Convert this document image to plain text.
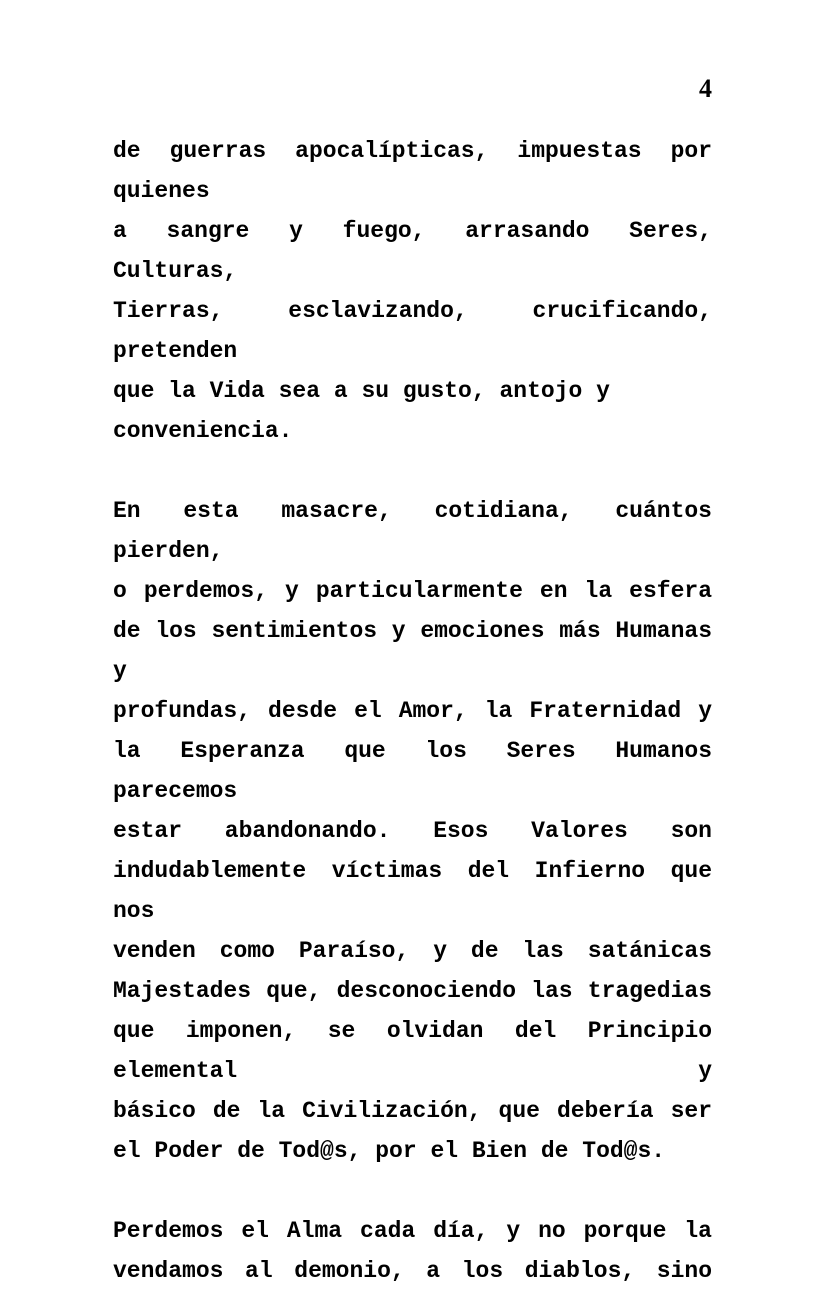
4

de guerras apocalípticas, impuestas por quienes
a sangre y fuego, arrasando Seres, Culturas,
Tierras, esclavizando, crucificando, pretenden
que la Vida sea a su gusto, antojo y conveniencia.

En esta masacre, cotidiana, cuántos pierden,
o perdemos, y particularmente en la esfera
de los sentimientos y emociones más Humanas y
profundas, desde el Amor, la Fraternidad y
la Esperanza que los Seres Humanos parecemos
estar abandonando. Esos Valores son
indudablemente víctimas del Infierno que nos
venden como Paraíso, y de las satánicas
Majestades que, desconociendo las tragedias
que imponen, se olvidan del Principio elemental y
básico de la Civilización, que debería ser
el Poder de Tod@s, por el Bien de Tod@s.

Perdemos el Alma cada día, y no porque la
vendamos al demonio, a los diablos, sino
